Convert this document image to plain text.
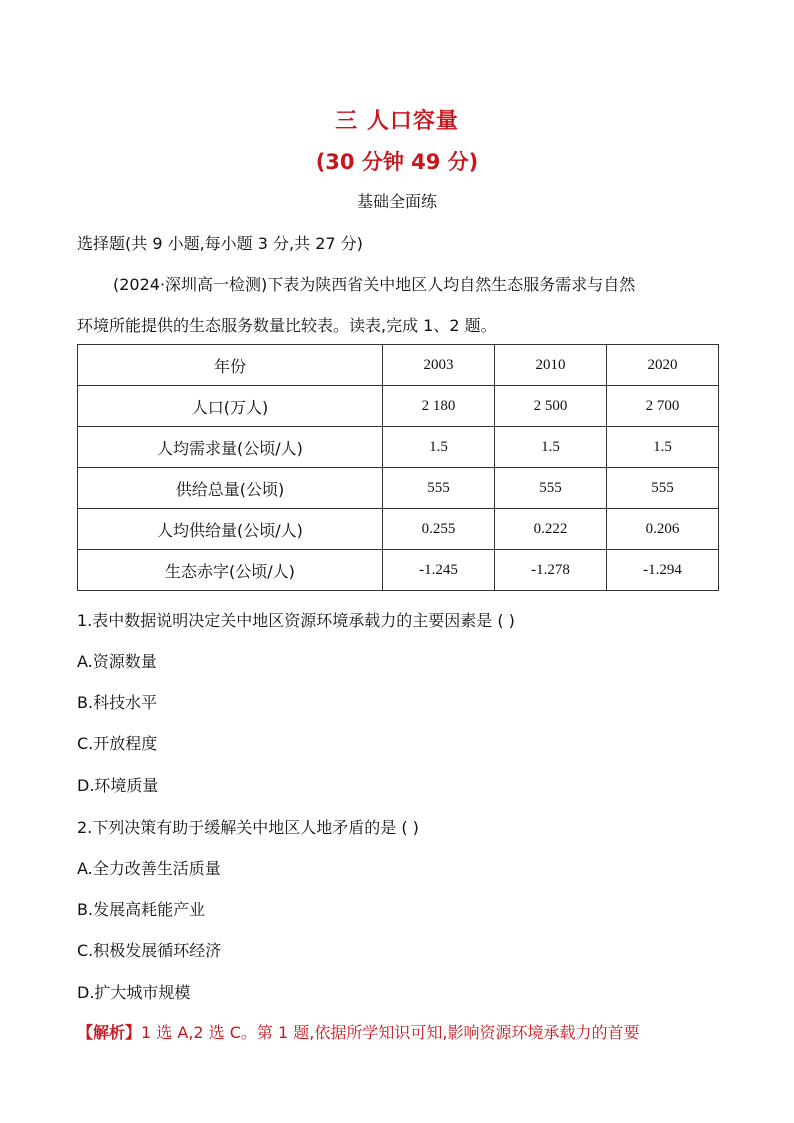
三 人口容量
(30 分钟 49 分)
基础全面练
选择题(共 9 小题,每小题 3 分,共 27 分)
(2024·深圳高一检测)下表为陕西省关中地区人均自然生态服务需求与自然
环境所能提供的生态服务数量比较表。读表,完成 1、2 题。
年份	2003	2010	2020
人口(万人)	2 180	2 500	2 700
人均需求量(公顷/人)	1.5	1.5	1.5
供给总量(公顷)	555	555	555
人均供给量(公顷/人)	0.255	0.222	0.206
生态赤字(公顷/人)	-1.245	-1.278	-1.294
1.表中数据说明决定关中地区资源环境承载力的主要因素是 ( )
A.资源数量
B.科技水平
C.开放程度
D.环境质量
2.下列决策有助于缓解关中地区人地矛盾的是 ( )
A.全力改善生活质量
B.发展高耗能产业
C.积极发展循环经济
D.扩大城市规模
【解析】1 选 A,2 选 C。第 1 题,依据所学知识可知,影响资源环境承载力的首要
